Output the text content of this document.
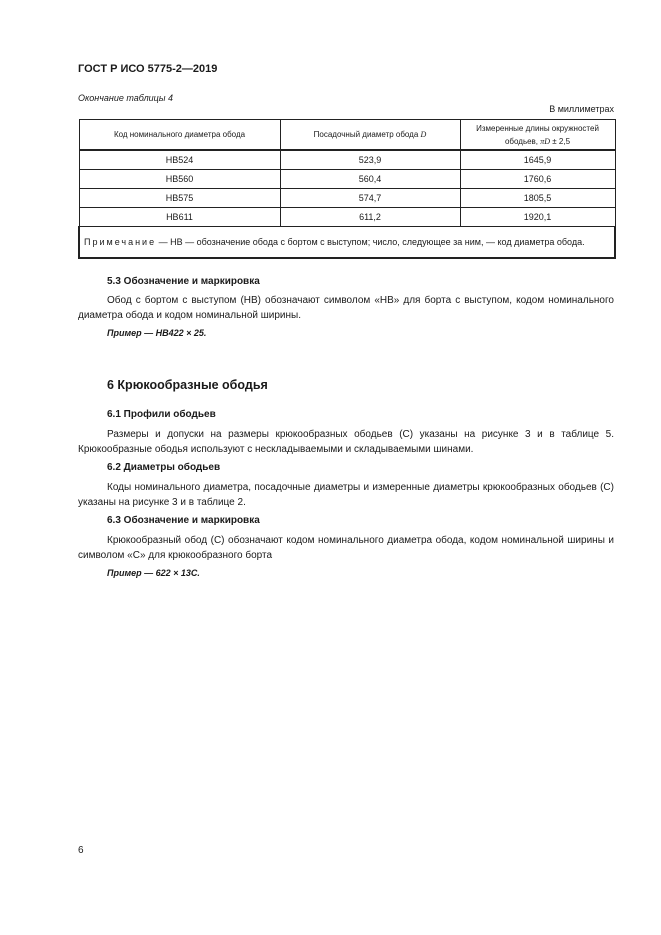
ГОСТ Р ИСО 5775-2—2019
Окончание таблицы 4
В миллиметрах
Код номинального диаметра обода	Посадочный диаметр обода D	Измеренные длины окружностей
ободьев, πD ± 2,5

НВ524	523,9	1645,9
НВ560	560,4	1760,6
НВ575	574,7	1805,5
НВ611	611,2	1920,1
Примечание — НВ — обозначение обода с бортом с выступом; число, следующее за ним, — код диаметра обода.		
5.3 Обозначение и маркировка
Обод с бортом с выступом (НВ) обозначают символом «НВ» для борта с выступом, кодом номинального диаметра обода и кодом номинальной ширины.
Пример — НВ422 × 25.
6 Крюкообразные ободья
6.1 Профили ободьев
Размеры и допуски на размеры крюкообразных ободьев (С) указаны на рисунке 3 и в таблице 5. Крюкообразные ободья используют с нескладываемыми и складываемыми шинами.
6.2 Диаметры ободьев
Коды номинального диаметра, посадочные диаметры и измеренные диаметры крюкообразных ободьев (С) указаны на рисунке 3 и в таблице 2.
6.3 Обозначение и маркировка
Крюкообразный обод (С) обозначают кодом номинального диаметра обода, кодом номинальной ширины и символом «С» для крюкообразного борта
Пример — 622 × 13С.
6
